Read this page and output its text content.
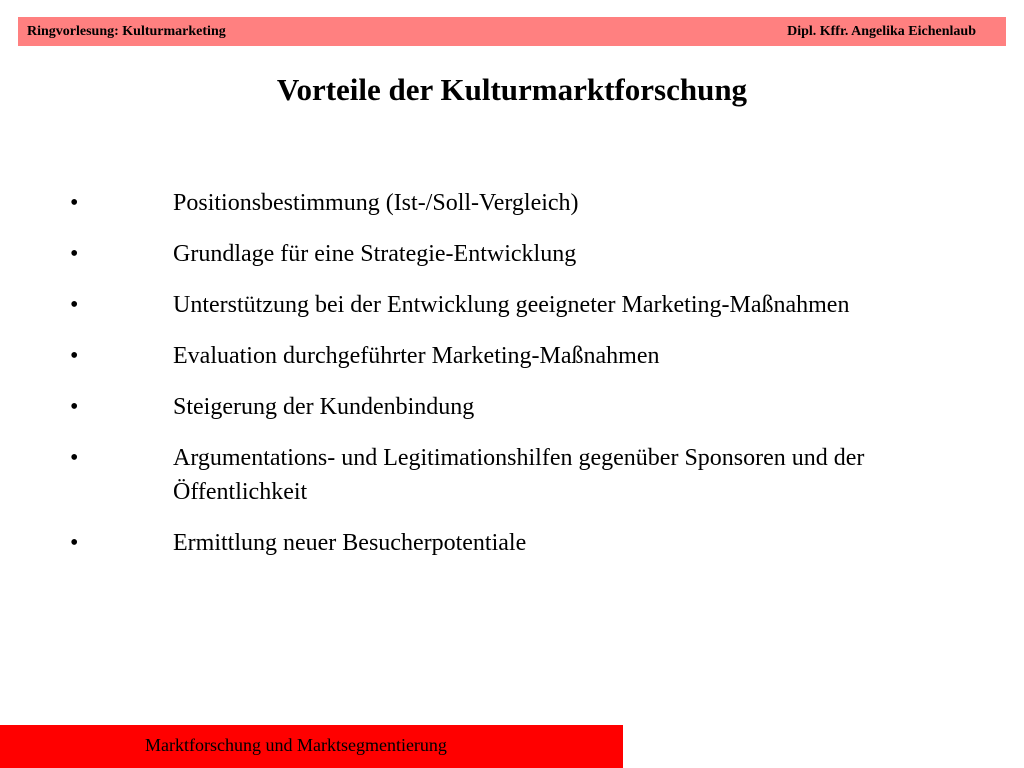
Ringvorlesung: Kulturmarketing	Dipl. Kffr. Angelika Eichenlaub
Vorteile der Kulturmarktforschung
•	Positionsbestimmung (Ist-/Soll-Vergleich)
•	Grundlage für eine Strategie-Entwicklung
•	Unterstützung bei der Entwicklung geeigneter Marketing-Maßnahmen
•	Evaluation durchgeführter Marketing-Maßnahmen
•	Steigerung der Kundenbindung
•	Argumentations- und Legitimationshilfen gegenüber Sponsoren und der Öffentlichkeit
•	Ermittlung neuer Besucherpotentiale
Marktforschung und Marktsegmentierung
